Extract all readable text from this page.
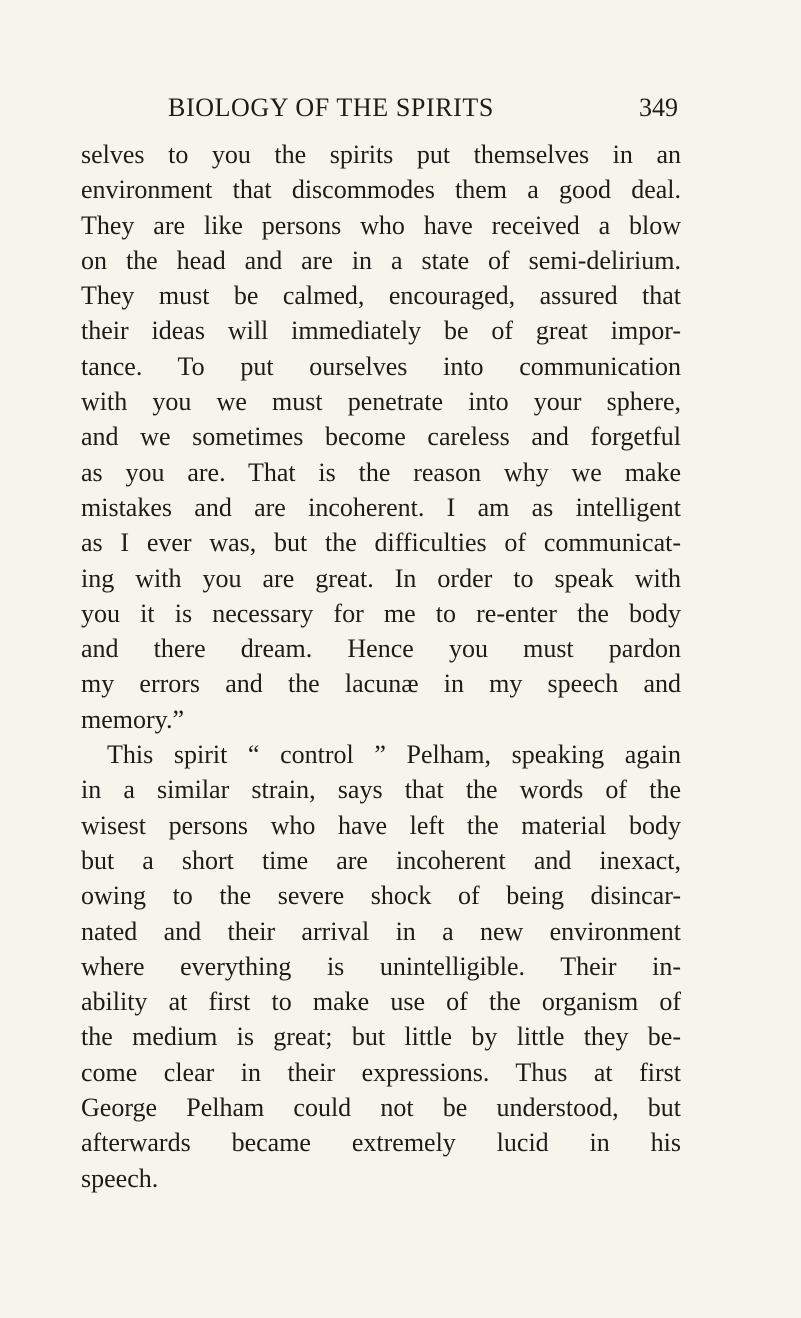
BIOLOGY OF THE SPIRITS	349
selves to you the spirits put themselves in an
environment that discommodes them a good deal.
They are like persons who have received a blow
on the head and are in a state of semi-delirium.
They must be calmed, encouraged, assured that
their ideas will immediately be of great impor-
tance. To put ourselves into communication
with you we must penetrate into your sphere,
and we sometimes become careless and forgetful
as you are. That is the reason why we make
mistakes and are incoherent. I am as intelligent
as I ever was, but the difficulties of communicat-
ing with you are great. In order to speak with
you it is necessary for me to re-enter the body
and there dream. Hence you must pardon
my errors and the lacunæ in my speech and
memory.”
This spirit “ control ” Pelham, speaking again
in a similar strain, says that the words of the
wisest persons who have left the material body
but a short time are incoherent and inexact,
owing to the severe shock of being disincar-
nated and their arrival in a new environment
where everything is unintelligible. Their in-
ability at first to make use of the organism of
the medium is great; but little by little they be-
come clear in their expressions. Thus at first
George Pelham could not be understood, but
afterwards became extremely lucid in his
speech.
